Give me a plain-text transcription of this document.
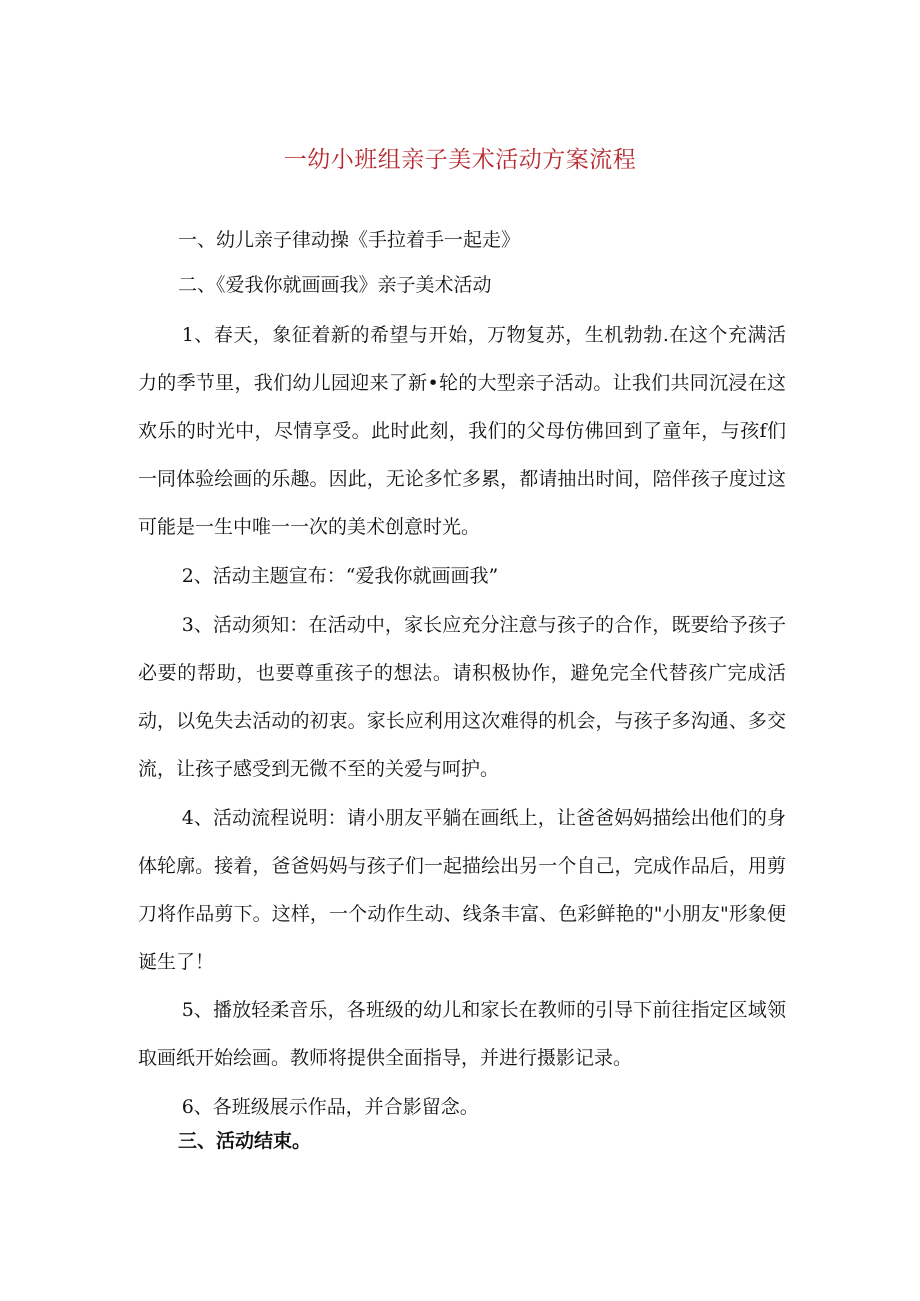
一幼小班组亲子美术活动方案流程
一、幼儿亲子律动操《手拉着手一起走》
二、《爱我你就画画我》亲子美术活动
1、春天，象征着新的希望与开始，万物复苏，生机勃勃.在这个充满活力的季节里，我们幼儿园迎来了新•轮的大型亲子活动。让我们共同沉浸在这欢乐的时光中，尽情享受。此时此刻，我们的父母仿佛回到了童年，与孩f们一同体验绘画的乐趣。因此，无论多忙多累，都请抽出时间，陪伴孩子度过这可能是一生中唯一一次的美术创意时光。
2、活动主题宣布：“爱我你就画画我”
3、活动须知：在活动中，家长应充分注意与孩子的合作，既要给予孩子必要的帮助，也要尊重孩子的想法。请积极协作，避免完全代替孩广完成活动，以免失去活动的初衷。家长应利用这次难得的机会，与孩子多沟通、多交流，让孩子感受到无微不至的关爱与呵护。
4、活动流程说明：请小朋友平躺在画纸上，让爸爸妈妈描绘出他们的身体轮廓。接着，爸爸妈妈与孩子们一起描绘出另一个自己，完成作品后，用剪刀将作品剪下。这样，一个动作生动、线条丰富、色彩鲜艳的"小朋友"形象便诞生了！
5、播放轻柔音乐，各班级的幼儿和家长在教师的引导下前往指定区域领取画纸开始绘画。教师将提供全面指导，并进行摄影记录。
6、各班级展示作品，并合影留念。
三、活动结束。
